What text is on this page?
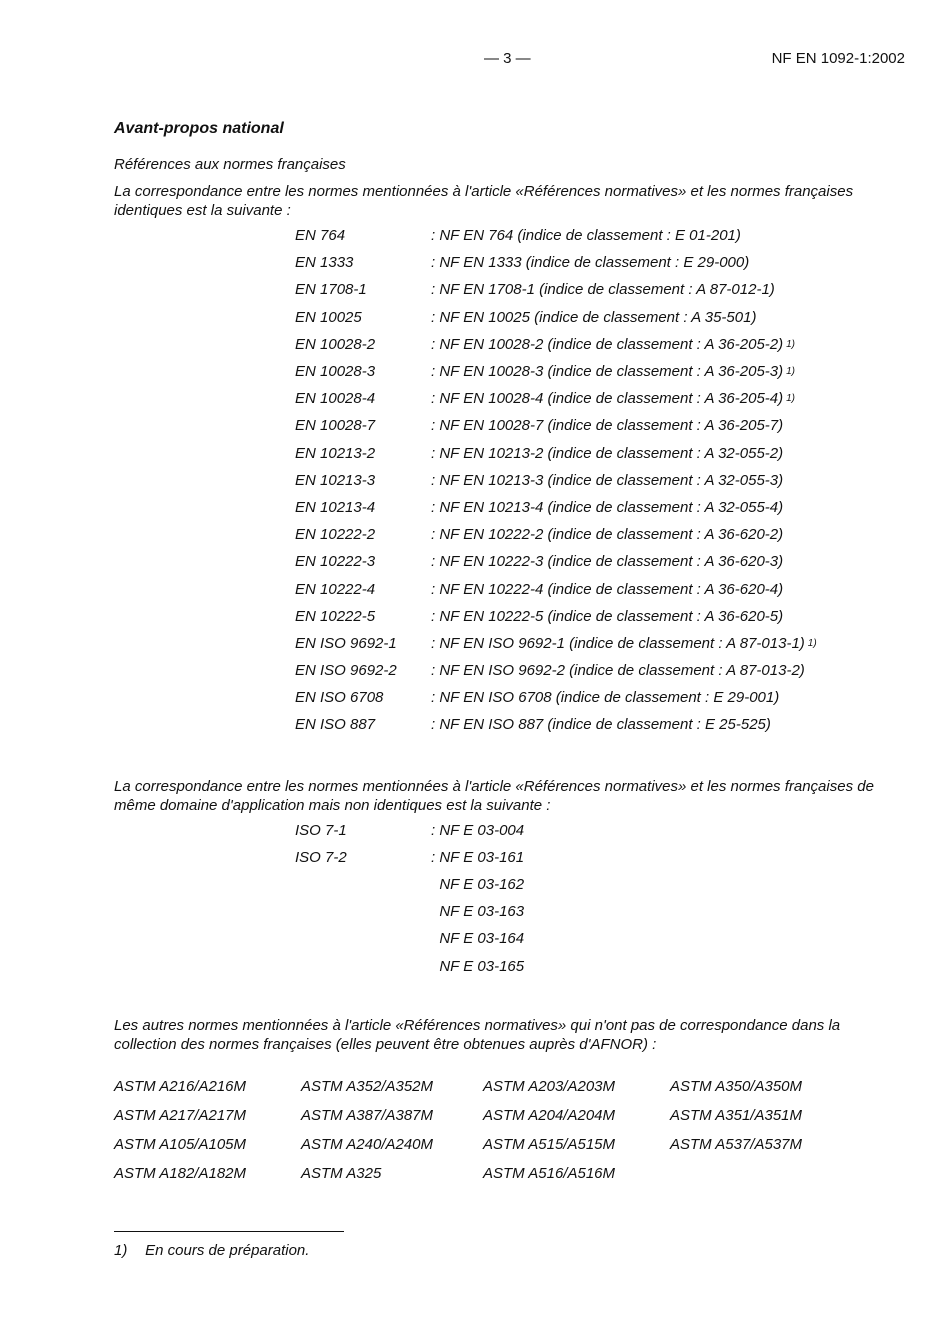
— 3 —	NF EN 1092-1:2002
Avant-propos national

Références aux normes françaises

La correspondance entre les normes mentionnées à l'article «Références normatives» et les normes françaises identiques est la suivante :

EN 764	: NF EN 764 (indice de classement : E 01-201)
EN 1333	: NF EN 1333 (indice de classement : E 29-000)
EN 1708-1	: NF EN 1708-1 (indice de classement : A 87-012-1)
EN 10025	: NF EN 10025 (indice de classement : A 35-501)
EN 10028-2	: NF EN 10028-2 (indice de classement : A 36-205-2) 1)
EN 10028-3	: NF EN 10028-3 (indice de classement : A 36-205-3) 1)
EN 10028-4	: NF EN 10028-4 (indice de classement : A 36-205-4) 1)
EN 10028-7	: NF EN 10028-7 (indice de classement : A 36-205-7)
EN 10213-2	: NF EN 10213-2 (indice de classement : A 32-055-2)
EN 10213-3	: NF EN 10213-3 (indice de classement : A 32-055-3)
EN 10213-4	: NF EN 10213-4 (indice de classement : A 32-055-4)
EN 10222-2	: NF EN 10222-2 (indice de classement : A 36-620-2)
EN 10222-3	: NF EN 10222-3 (indice de classement : A 36-620-3)
EN 10222-4	: NF EN 10222-4 (indice de classement : A 36-620-4)
EN 10222-5	: NF EN 10222-5 (indice de classement : A 36-620-5)
EN ISO 9692-1	: NF EN ISO 9692-1 (indice de classement : A 87-013-1) 1)
EN ISO 9692-2	: NF EN ISO 9692-2 (indice de classement : A 87-013-2)
EN ISO 6708	: NF EN ISO 6708 (indice de classement : E 29-001)
EN ISO 887	: NF EN ISO 887 (indice de classement : E 25-525)

La correspondance entre les normes mentionnées à l'article «Références normatives» et les normes françaises de même domaine d'application mais non identiques est la suivante :

ISO 7-1	: NF E 03-004
ISO 7-2	: NF E 03-161
NF E 03-162
NF E 03-163
NF E 03-164
NF E 03-165

Les autres normes mentionnées à l'article «Références normatives» qui n'ont pas de correspondance dans la collection des normes françaises (elles peuvent être obtenues auprès d'AFNOR) :

ASTM A216/A216M	ASTM A352/A352M	ASTM A203/A203M	ASTM A350/A350M
ASTM A217/A217M	ASTM A387/A387M	ASTM A204/A204M	ASTM A351/A351M
ASTM A105/A105M	ASTM A240/A240M	ASTM A515/A515M	ASTM A537/A537M
ASTM A182/A182M	ASTM A325	ASTM A516/A516M
1) En cours de préparation.
